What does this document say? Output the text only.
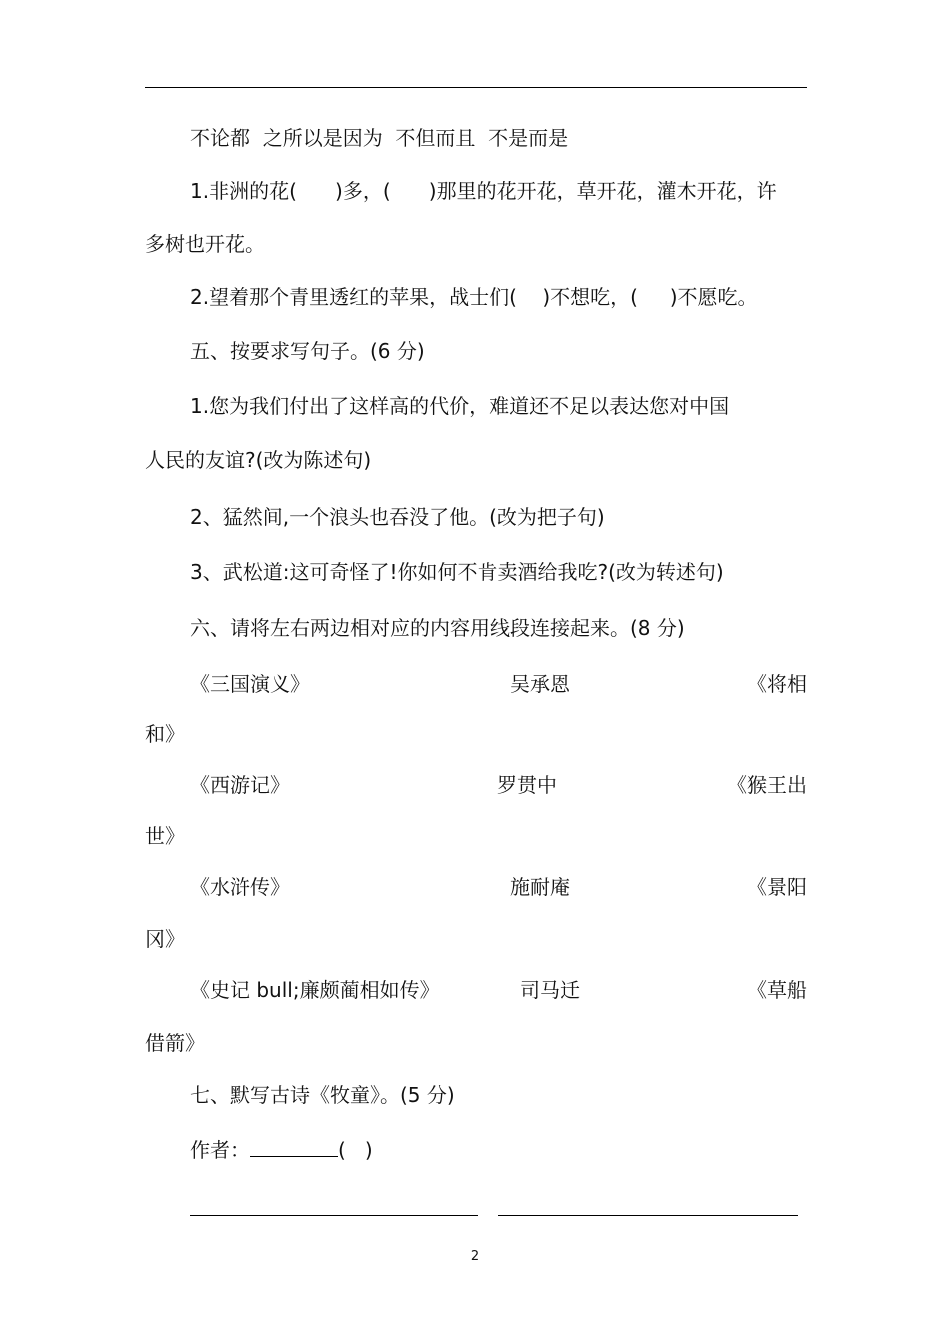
不论都  之所以是因为  不但而且  不是而是
1.非洲的花(      )多，(      )那里的花开花，草开花，灌木开花，许
多树也开花。
2.望着那个青里透红的苹果，战士们(    )不想吃，(     )不愿吃。
五、按要求写句子。(6 分)
1.您为我们付出了这样高的代价，难道还不足以表达您对中国
人民的友谊?(改为陈述句)
2、猛然间,一个浪头也吞没了他。(改为把子句)
3、武松道:这可奇怪了!你如何不肯卖酒给我吃?(改为转述句)
六、请将左右两边相对应的内容用线段连接起来。(8 分)
《三国演义》	吴承恩	《将相
和》
《西游记》	罗贯中	《猴王出
世》
《水浒传》	施耐庵	《景阳
冈》
《史记 bull;廉颇蔺相如传》	司马迁	《草船
借箭》
七、默写古诗《牧童》。(5 分)
作者：	(   )
2
